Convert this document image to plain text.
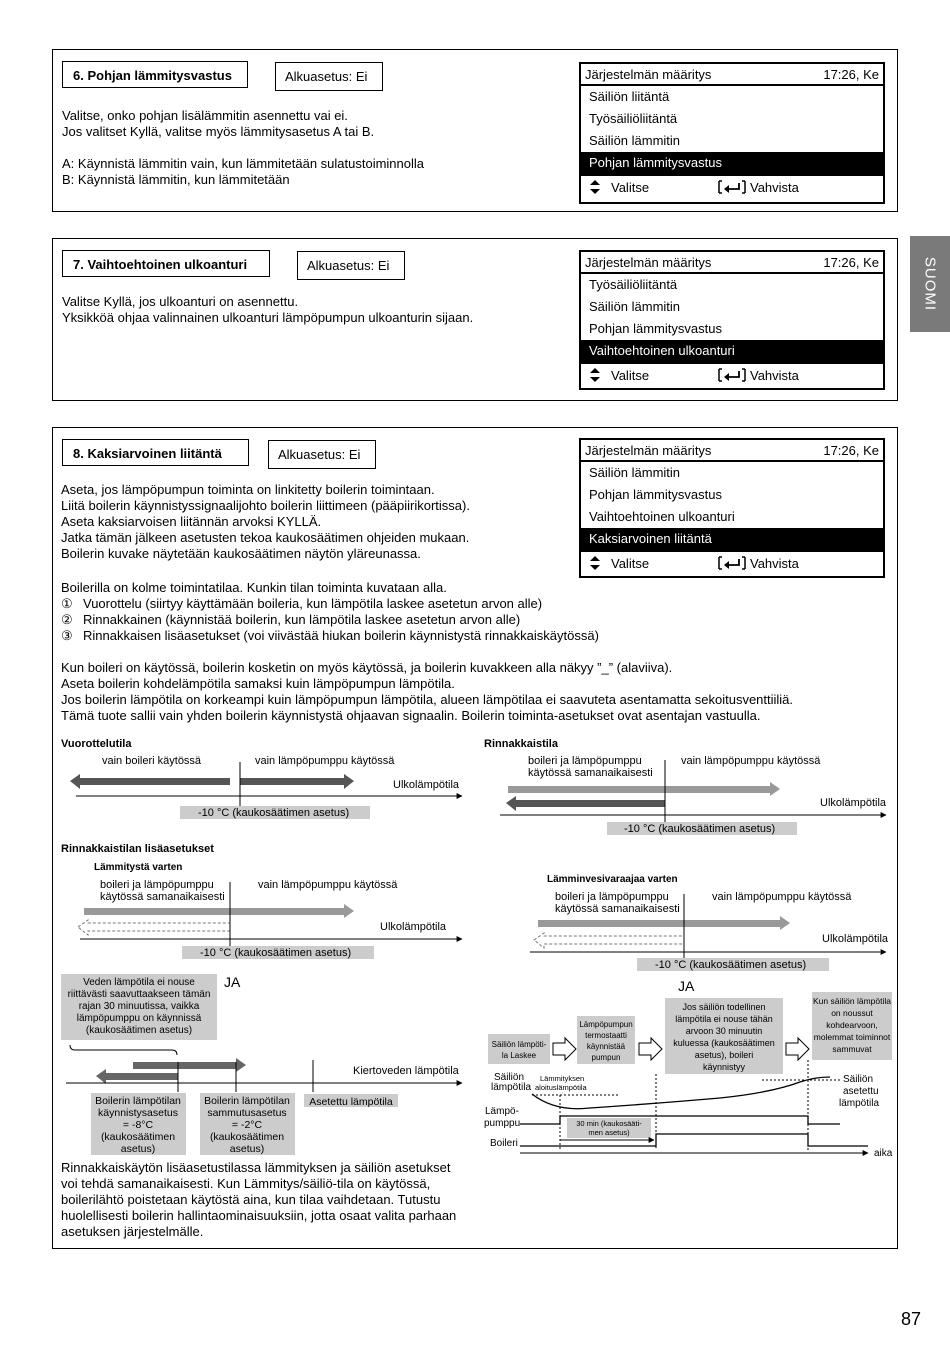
SUOMI
6. Pohjan lämmitysvastus	Alkuasetus: Ei
Valitse, onko pohjan lisälämmitin asennettu vai ei.
Jos valitset Kyllä, valitse myös lämmitysasetus A tai B.
A: Käynnistä lämmitin vain, kun lämmitetään sulatustoiminnolla
B: Käynnistä lämmitin, kun lämmitetään
Järjestelmän määritys	17:26, Ke
Säiliön liitäntä
Työsäiliöliitäntä
Säiliön lämmitin
Pohjan lämmitysvastus
Valitse	Vahvista
7. Vaihtoehtoinen ulkoanturi	Alkuasetus: Ei
Valitse Kyllä, jos ulkoanturi on asennettu.
Yksikköä ohjaa valinnainen ulkoanturi lämpöpumpun ulkoanturin sijaan.
Järjestelmän määritys	17:26, Ke
Työsäiliöliitäntä
Säiliön lämmitin
Pohjan lämmitysvastus
Vaihtoehtoinen ulkoanturi
Valitse	Vahvista
8. Kaksiarvoinen liitäntä	Alkuasetus: Ei	Järjestelmän määritys	17:26, Ke
Säiliön lämmitin
Pohjan lämmitysvastus
Vaihtoehtoinen ulkoanturi
Kaksiarvoinen liitäntä
Valitse	Vahvista
Aseta, jos lämpöpumpun toiminta on linkitetty boilerin toimintaan.
Liitä boilerin käynnistyssignaalijohto boilerin liittimeen (pääpiirikortissa).
Aseta kaksiarvoisen liitännän arvoksi KYLLÄ.
Jatka tämän jälkeen asetusten tekoa kaukosäätimen ohjeiden mukaan.
Boilerin kuvake näytetään kaukosäätimen näytön yläreunassa.
Boilerilla on kolme toimintatilaa. Kunkin tilan toiminta kuvataan alla.
① Vuorottelu (siirtyy käyttämään boileria, kun lämpötila laskee asetetun arvon alle)
② Rinnakkainen (käynnistää boilerin, kun lämpötila laskee asetetun arvon alle)
③ Rinnakkaisen lisäasetukset (voi viivästää hiukan boilerin käynnistystä rinnakkaiskäytössä)
Kun boileri on käytössä, boilerin kosketin on myös käytössä, ja boilerin kuvakkeen alla näkyy ”_” (alaviiva).
Aseta boilerin kohdelämpötila samaksi kuin lämpöpumpun lämpötila.
Jos boilerin lämpötila on korkeampi kuin lämpöpumpun lämpötila, alueen lämpötilaa ei saavuteta asentamatta sekoitusventtiiliä.
Tämä tuote sallii vain yhden boilerin käynnistystä ohjaavan signaalin. Boilerin toiminta-asetukset ovat asentajan vastuulla.
Vuorottelutila
vain boileri käytössä	vain lämpöpumppu käytössä
Ulkolämpötila
-10 °C (kaukosäätimen asetus)
Rinnakkaistila
boileri ja lämpöpumppu
käytössä samanaikaisesti
vain lämpöpumppu käytössä
Ulkolämpötila
-10 °C (kaukosäätimen asetus)
Rinnakkaistilan lisäasetukset
Lämmitystä varten
boileri ja lämpöpumppu
käytössä samanaikaisesti
vain lämpöpumppu käytössä
Ulkolämpötila
-10 °C (kaukosäätimen asetus)
Lämminvesivaraajaa varten
boileri ja lämpöpumppu
käytössä samanaikaisesti
vain lämpöpumppu käytössä
Ulkolämpötila
-10 °C (kaukosäätimen asetus)
JA	JA
Veden lämpötila ei nouse
riittävästi saavuttaakseen tämän
rajan 30 minuutissa, vaikka
lämpöpumppu on käynnissä
(kaukosäätimen asetus)
Kiertoveden lämpötila
Boilerin lämpötilan
käynnistysasetus
= -8°C
(kaukosäätimen
asetus)
Boilerin lämpötilan
sammutusasetus
= -2°C
(kaukosäätimen
asetus)
Asetettu lämpötila
Säiliön lämpöti-
la Laskee
Lämpöpumpun
termostaatti
käynnistää
pumpun
Jos säiliön todellinen
lämpötila ei nouse tähän
arvoon 30 minuutin
kuluessa (kaukosäätimen
asetus), boileri
käynnistyy
Kun säiliön lämpötila
on noussut
kohdearvoon,
molemmat toiminnot
sammuvat
Säiliön
lämpötila
Lämmityksen
aloituslämpötila
Säiliön
asetettu
lämpötila
Lämpö-
pumppu
Boileri
aika
30 min (kaukosääti-
men asetus)
Rinnakkaiskäytön lisäasetustilassa lämmityksen ja säiliön asetukset
voi tehdä samanaikaisesti. Kun Lämmitys/säiliö-tila on käytössä,
boilerilähtö poistetaan käytöstä aina, kun tilaa vaihdetaan. Tutustu
huolellisesti boilerin hallintaominaisuuksiin, jotta osaat valita parhaan
asetuksen järjestelmälle.
87
